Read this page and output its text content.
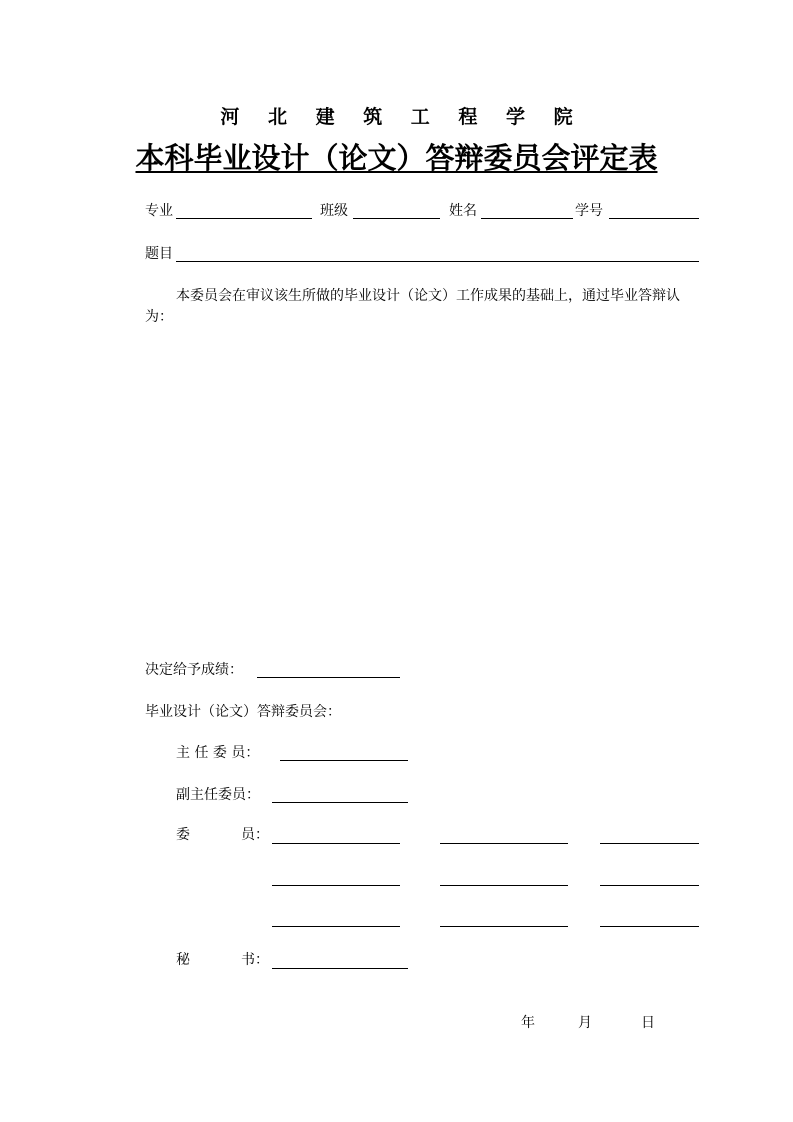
河 北 建 筑 工 程 学 院
本科毕业设计（论文）答辩委员会评定表
专业	班级	姓名	学号
题目
本委员会在审议该生所做的毕业设计（论文）工作成果的基础上，通过毕业答辩认为：
决定给予成绩：
毕业设计（论文）答辩委员会：
主 任 委 员：
副主任委员：
委	员：
秘	书：
年	月	日
